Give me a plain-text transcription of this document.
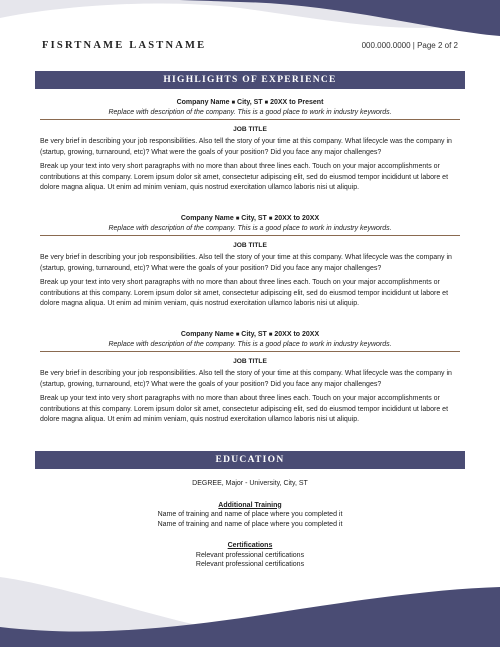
FISRTNAME LASTNAME	000.000.0000 | Page 2 of 2
HIGHLIGHTS OF EXPERIENCE
Company Name ■ City, ST ■ 20XX to Present
Replace with description of the company. This is a good place to work in industry keywords.
JOB TITLE

Be very brief in describing your job responsibilities. Also tell the story of your time at this company. What lifecycle was the company in (startup, growing, turnaround, etc)? What were the goals of your position? Did you face any major challenges?

Break up your text into very short paragraphs with no more than about three lines each. Touch on your major accomplishments or contributions at this company. Lorem ipsum dolor sit amet, consectetur adipiscing elit, sed do eiusmod tempor incididunt ut labore et dolore magna aliqua. Ut enim ad minim veniam, quis nostrud exercitation ullamco laboris nisi ut aliquip.

Company Name ■ City, ST ■ 20XX to 20XX
Replace with description of the company. This is a good place to work in industry keywords.
JOB TITLE

Be very brief in describing your job responsibilities. Also tell the story of your time at this company. What lifecycle was the company in (startup, growing, turnaround, etc)? What were the goals of your position? Did you face any major challenges?

Break up your text into very short paragraphs with no more than about three lines each. Touch on your major accomplishments or contributions at this company. Lorem ipsum dolor sit amet, consectetur adipiscing elit, sed do eiusmod tempor incididunt ut labore et dolore magna aliqua. Ut enim ad minim veniam, quis nostrud exercitation ullamco laboris nisi ut aliquip.

Company Name ■ City, ST ■ 20XX to 20XX
Replace with description of the company. This is a good place to work in industry keywords.
JOB TITLE

Be very brief in describing your job responsibilities. Also tell the story of your time at this company. What lifecycle was the company in (startup, growing, turnaround, etc)? What were the goals of your position? Did you face any major challenges?

Break up your text into very short paragraphs with no more than about three lines each. Touch on your major accomplishments or contributions at this company. Lorem ipsum dolor sit amet, consectetur adipiscing elit, sed do eiusmod tempor incididunt ut labore et dolore magna aliqua. Ut enim ad minim veniam, quis nostrud exercitation ullamco laboris nisi ut aliquip.

EDUCATION
DEGREE, Major - University, City, ST
Additional Training
Name of training and name of place where you completed it
Name of training and name of place where you completed it
Certifications
Relevant professional certifications
Relevant professional certifications
